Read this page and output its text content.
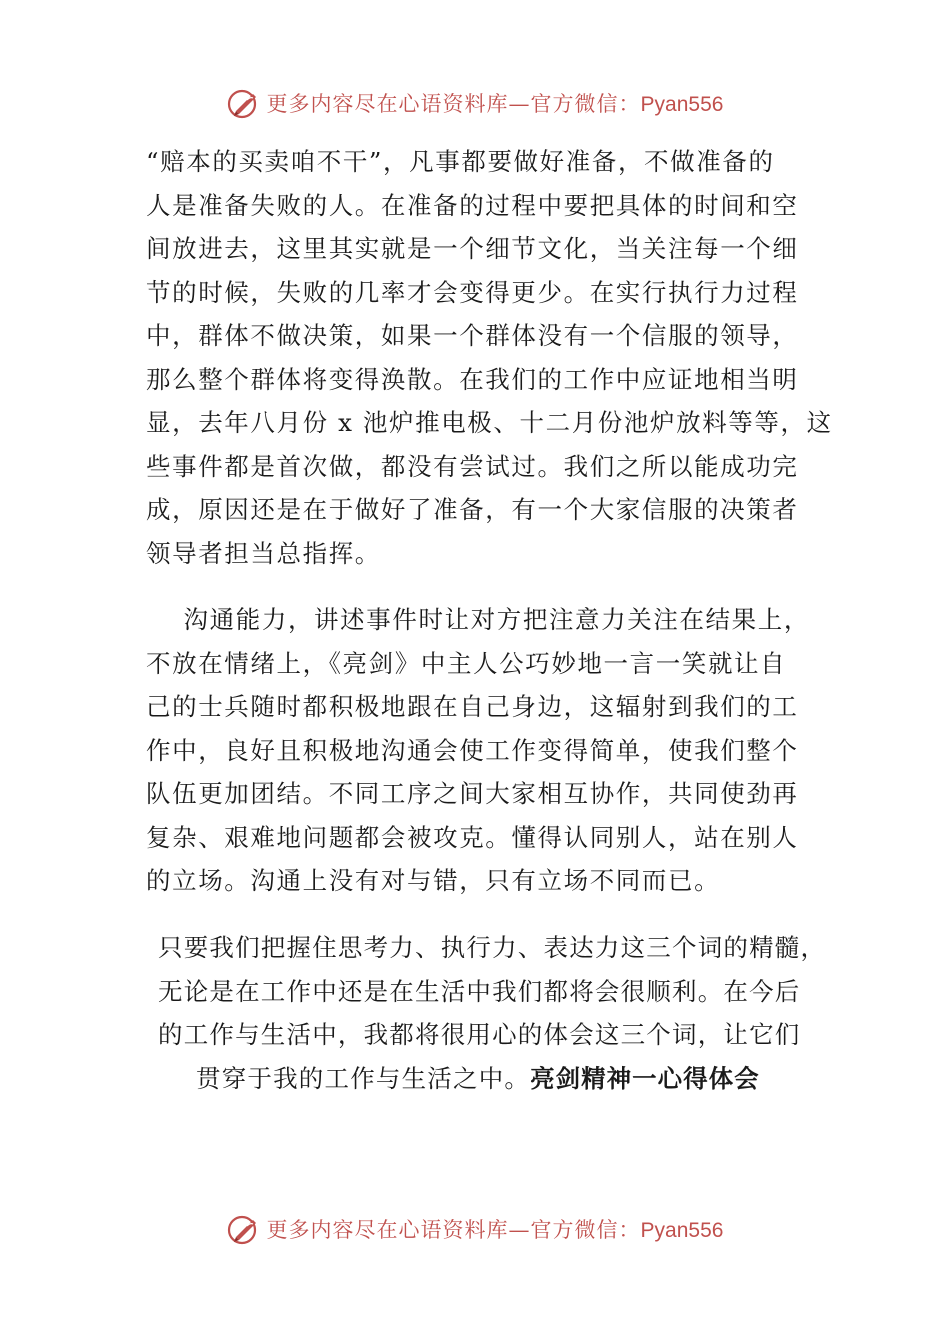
更多内容尽在心语资料库—官方微信：Pyan556
“赔本的买卖咱不干”，凡事都要做好准备，不做准备的
人是准备失败的人。在准备的过程中要把具体的时间和空
间放进去，这里其实就是一个细节文化，当关注每一个细
节的时候，失败的几率才会变得更少。在实行执行力过程
中，群体不做决策，如果一个群体没有一个信服的领导，
那么整个群体将变得涣散。在我们的工作中应证地相当明
显，去年八月份 x 池炉推电极、十二月份池炉放料等等，这
些事件都是首次做，都没有尝试过。我们之所以能成功完
成，原因还是在于做好了准备，有一个大家信服的决策者
领导者担当总指挥。
沟通能力，讲述事件时让对方把注意力关注在结果上，
不放在情绪上，《亮剑》中主人公巧妙地一言一笑就让自
己的士兵随时都积极地跟在自己身边，这辐射到我们的工
作中，良好且积极地沟通会使工作变得简单，使我们整个
队伍更加团结。不同工序之间大家相互协作，共同使劲再
复杂、艰难地问题都会被攻克。懂得认同别人，站在别人
的立场。沟通上没有对与错，只有立场不同而已。
只要我们把握住思考力、执行力、表达力这三个词的精髓，
无论是在工作中还是在生活中我们都将会很顺利。在今后
的工作与生活中，我都将很用心的体会这三个词，让它们
贯穿于我的工作与生活之中。亮剑精神一心得体会
更多内容尽在心语资料库—官方微信：Pyan556
